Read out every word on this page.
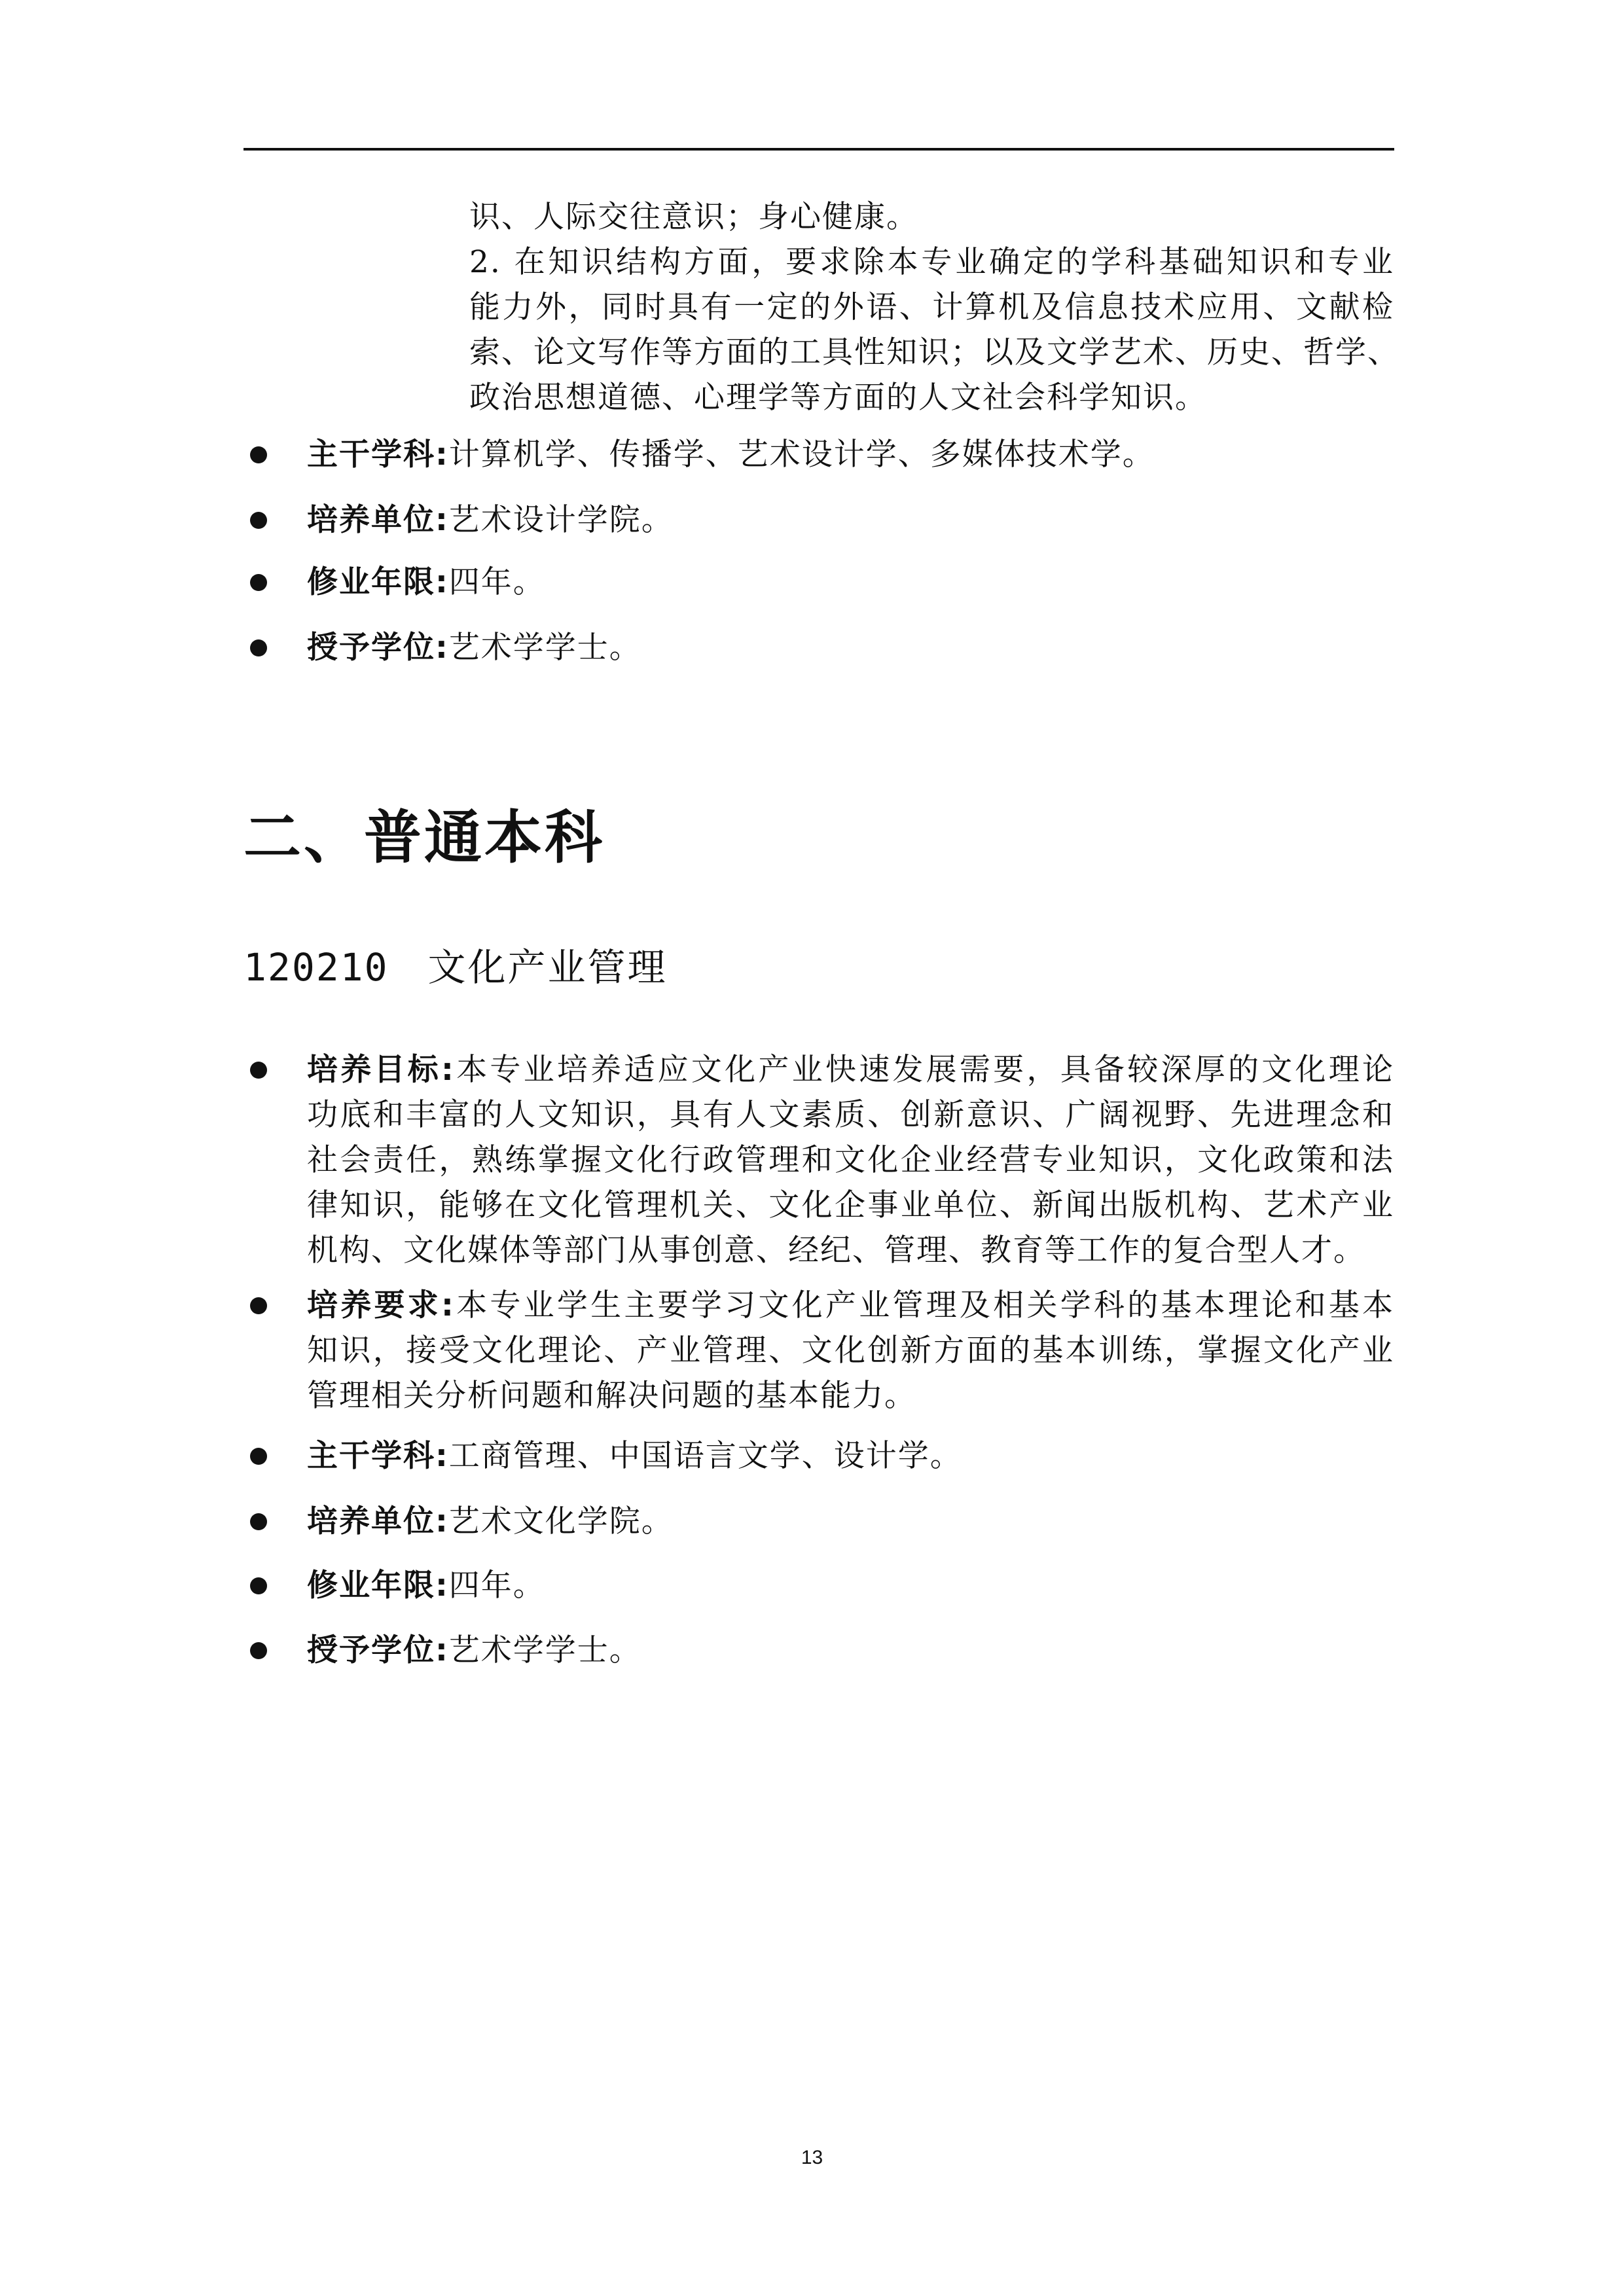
识、人际交往意识；身心健康。
2. 在知识结构方面，要求除本专业确定的学科基础知识和专业
能力外，同时具有一定的外语、计算机及信息技术应用、文献检
索、论文写作等方面的工具性知识；以及文学艺术、历史、哲学、
政治思想道德、心理学等方面的人文社会科学知识。
主干学科:计算机学、传播学、艺术设计学、多媒体技术学。
培养单位:艺术设计学院。
修业年限:四年。
授予学位:艺术学学士。
二、普通本科
120210 文化产业管理
培养目标:本专业培养适应文化产业快速发展需要，具备较深厚的文化理论
功底和丰富的人文知识，具有人文素质、创新意识、广阔视野、先进理念和
社会责任，熟练掌握文化行政管理和文化企业经营专业知识，文化政策和法
律知识，能够在文化管理机关、文化企事业单位、新闻出版机构、艺术产业
机构、文化媒体等部门从事创意、经纪、管理、教育等工作的复合型人才。
培养要求:本专业学生主要学习文化产业管理及相关学科的基本理论和基本
知识，接受文化理论、产业管理、文化创新方面的基本训练，掌握文化产业
管理相关分析问题和解决问题的基本能力。
主干学科:工商管理、中国语言文学、设计学。
培养单位:艺术文化学院。
修业年限:四年。
授予学位:艺术学学士。
13
